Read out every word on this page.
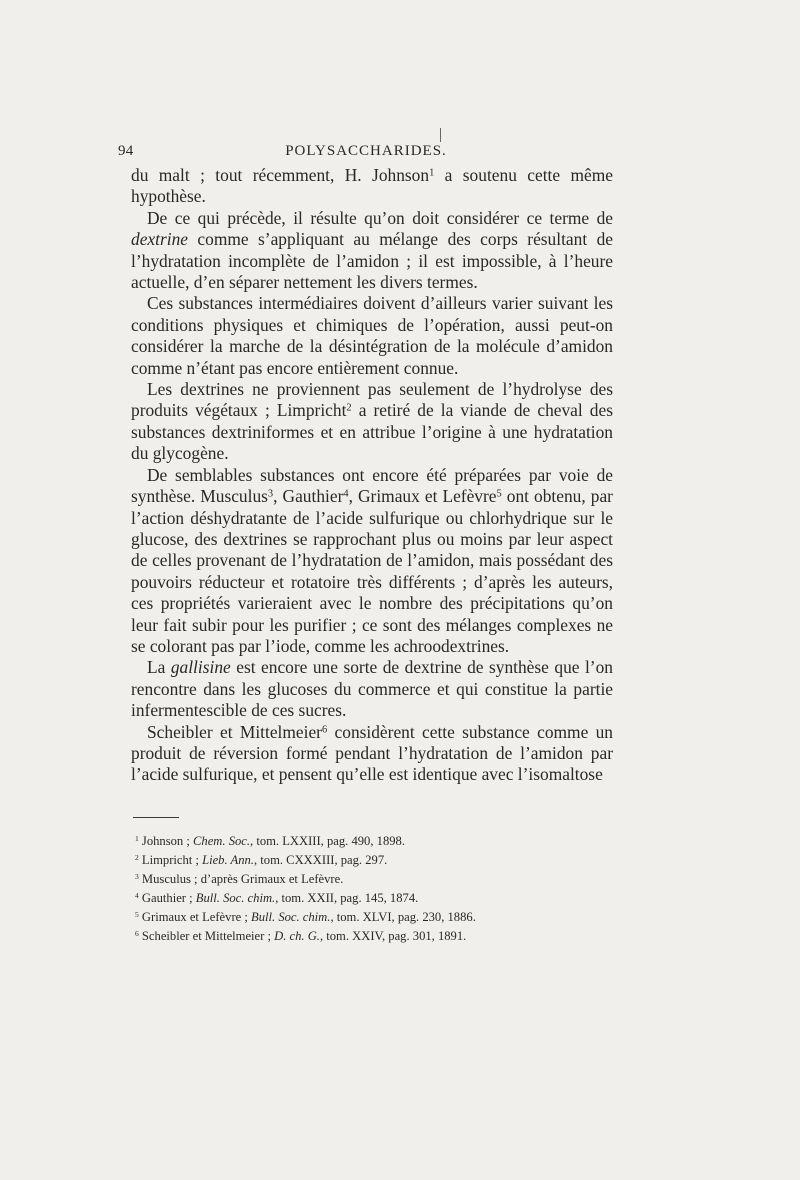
94	POLYSACCHARIDES.

du malt ; tout récemment, H. Johnson$^1$ a soutenu cette même hypothèse.

De ce qui précède, il résulte qu’on doit considérer ce terme de dextrine comme s’appliquant au mélange des corps résultant de l’hydratation incomplète de l’amidon ; il est impossible, à l’heure actuelle, d’en séparer nettement les divers termes.

Ces substances intermédiaires doivent d’ailleurs varier suivant les conditions physiques et chimiques de l’opération, aussi peut-on considérer la marche de la désintégration de la molécule d’amidon comme n’étant pas encore entièrement connue.

Les dextrines ne proviennent pas seulement de l’hydrolyse des produits végétaux ; Limpricht$^2$ a retiré de la viande de cheval des substances dextriniformes et en attribue l’origine à une hydratation du glycogène.

De semblables substances ont encore été préparées par voie de synthèse. Musculus$^3$, Gauthier$^4$, Grimaux et Lefèvre$^5$ ont obtenu, par l’action déshydratante de l’acide sulfurique ou chlorhydrique sur le glucose, des dextrines se rapprochant plus ou moins par leur aspect de celles provenant de l’hydratation de l’amidon, mais possédant des pouvoirs réducteur et rotatoire très différents ; d’après les auteurs, ces propriétés varieraient avec le nombre des précipitations qu’on leur fait subir pour les purifier ; ce sont des mélanges complexes ne se colorant pas par l’iode, comme les achroodextrines.

La gallisine est encore une sorte de dextrine de synthèse que l’on rencontre dans les glucoses du commerce et qui constitue la partie infermentescible de ces sucres.

Scheibler et Mittelmeier$^6$ considèrent cette substance comme un produit de réversion formé pendant l’hydratation de l’amidon par l’acide sulfurique, et pensent qu’elle est identique avec l’isomaltose

$^1$ Johnson ; Chem. Soc., tom. LXXIII, pag. 490, 1898.
$^2$ Limpricht ; Lieb. Ann., tom. CXXXIII, pag. 297.
$^3$ Musculus ; d’après Grimaux et Lefèvre.
$^4$ Gauthier ; Bull. Soc. chim., tom. XXII, pag. 145, 1874.
$^5$ Grimaux et Lefèvre ; Bull. Soc. chim., tom. XLVI, pag. 230, 1886.
$^6$ Scheibler et Mittelmeier ; D. ch. G., tom. XXIV, pag. 301, 1891.
